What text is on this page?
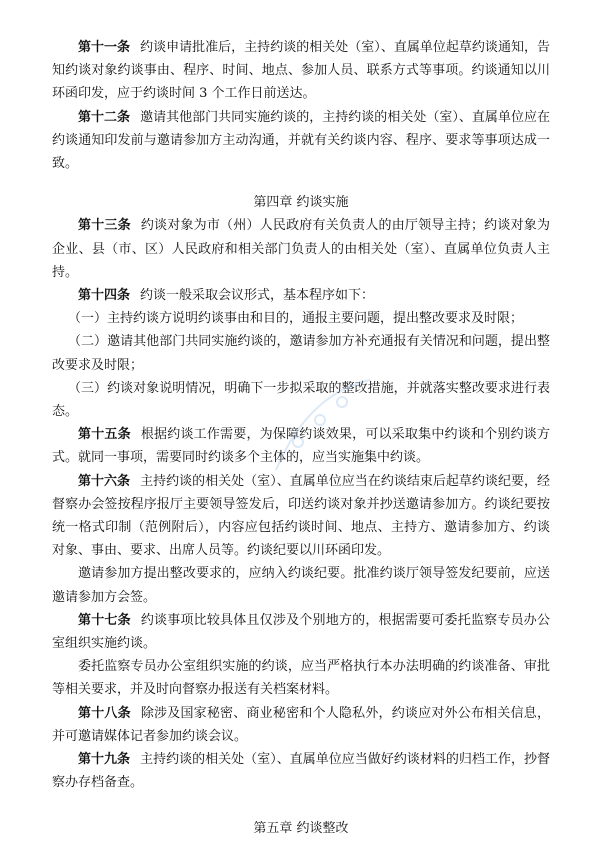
第十一条 约谈申请批准后，主持约谈的相关处（室）、直属单位起草约谈通知，告知约谈对象约谈事由、程序、时间、地点、参加人员、联系方式等事项。约谈通知以川环函印发，应于约谈时间 3 个工作日前送达。

第十二条 邀请其他部门共同实施约谈的，主持约谈的相关处（室）、直属单位应在约谈通知印发前与邀请参加方主动沟通，并就有关约谈内容、程序、要求等事项达成一致。

第四章 约谈实施

第十三条 约谈对象为市（州）人民政府有关负责人的由厅领导主持；约谈对象为企业、县（市、区）人民政府和相关部门负责人的由相关处（室）、直属单位负责人主持。

第十四条 约谈一般采取会议形式，基本程序如下：

（一）主持约谈方说明约谈事由和目的，通报主要问题，提出整改要求及时限；

（二）邀请其他部门共同实施约谈的，邀请参加方补充通报有关情况和问题，提出整改要求及时限；

（三）约谈对象说明情况，明确下一步拟采取的整改措施，并就落实整改要求进行表态。

第十五条 根据约谈工作需要，为保障约谈效果，可以采取集中约谈和个别约谈方式。就同一事项，需要同时约谈多个主体的，应当实施集中约谈。

第十六条 主持约谈的相关处（室）、直属单位应当在约谈结束后起草约谈纪要，经督察办会签按程序报厅主要领导签发后，印送约谈对象并抄送邀请参加方。约谈纪要按统一格式印制（范例附后），内容应包括约谈时间、地点、主持方、邀请参加方、约谈对象、事由、要求、出席人员等。约谈纪要以川环函印发。

邀请参加方提出整改要求的，应纳入约谈纪要。批准约谈厅领导签发纪要前，应送邀请参加方会签。

第十七条 约谈事项比较具体且仅涉及个别地方的，根据需要可委托监察专员办公室组织实施约谈。

委托监察专员办公室组织实施的约谈，应当严格执行本办法明确的约谈准备、审批等相关要求，并及时向督察办报送有关档案材料。

第十八条 除涉及国家秘密、商业秘密和个人隐私外，约谈应对外公布相关信息，并可邀请媒体记者参加约谈会议。

第十九条 主持约谈的相关处（室）、直属单位应当做好约谈材料的归档工作，抄督察办存档备查。

第五章 约谈整改
